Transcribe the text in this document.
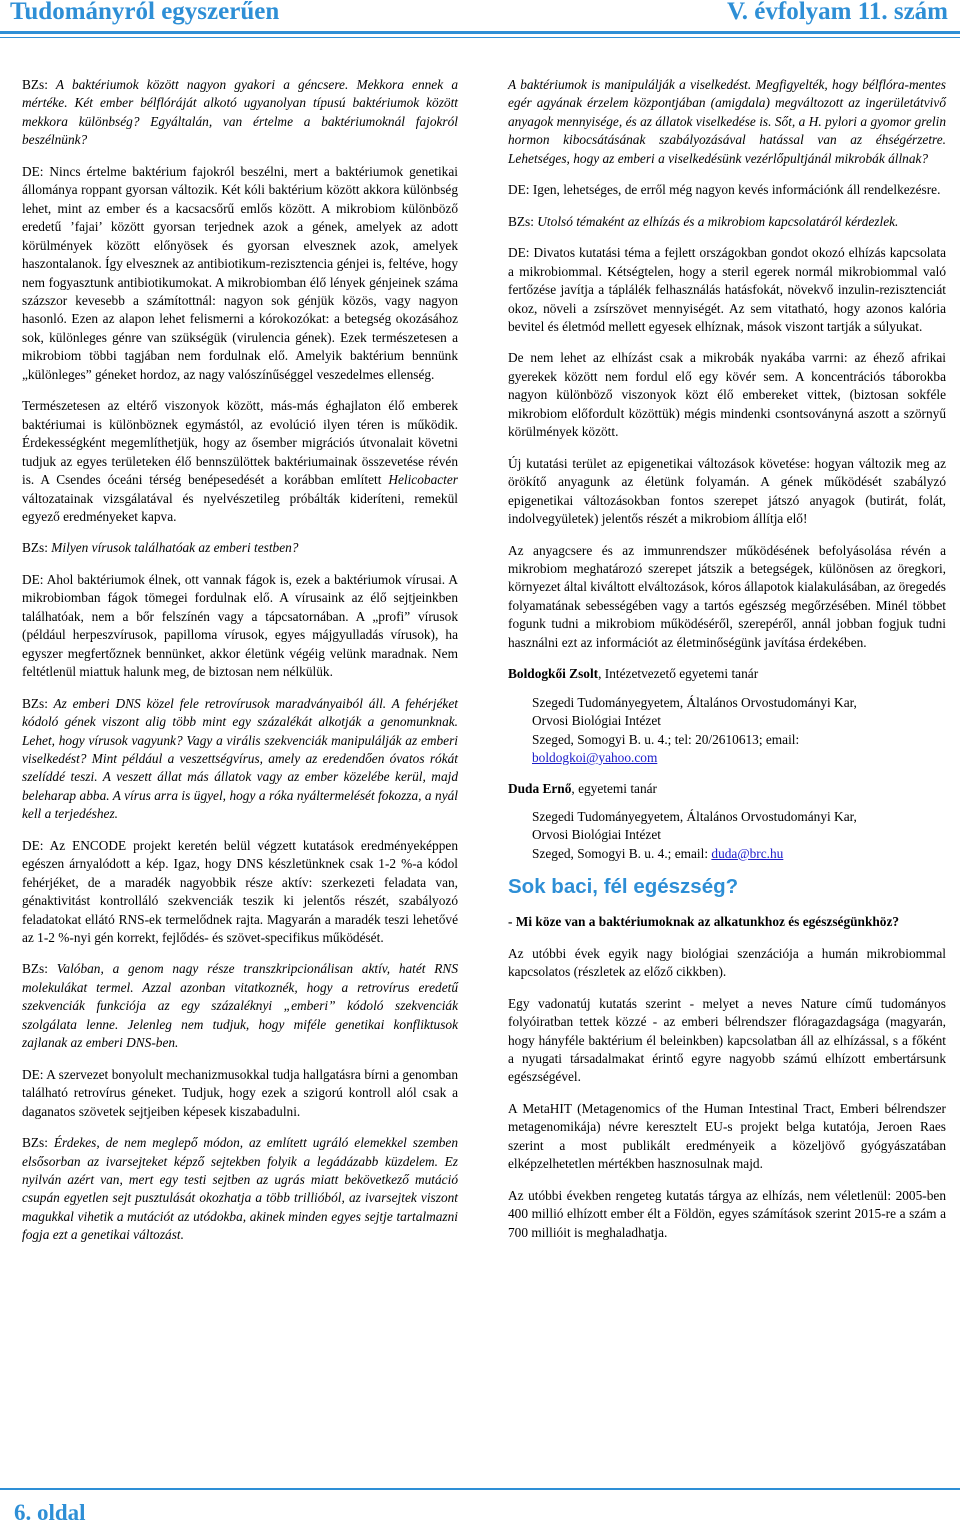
Tudományról egyszerűen	V. évfolyam 11. szám

BZs: A baktériumok között nagyon gyakori a géncsere. Mekkora ennek a mértéke. Két ember bélflóráját alkotó ugyanolyan típusú baktériumok között mekkora különbség? Egyáltalán, van értelme a baktériumoknál fajokról beszélnünk?

DE: Nincs értelme baktérium fajokról beszélni, mert a baktériumok genetikai állománya roppant gyorsan változik. Két kóli baktérium között akkora különbség lehet, mint az ember és a kacsacsőrű emlős között. A mikrobiom különböző eredetű ’fajai’ között gyorsan terjednek azok a gének, amelyek az adott körülmények között előnyösek és gyorsan elvesznek azok, amelyek haszontalanok. Így elvesznek az antibiotikum-rezisztencia génjei is, feltéve, hogy nem fogyasztunk antibiotikumokat. A mikrobiomban élő lények génjeinek száma százszor kevesebb a számítottnál: nagyon sok génjük közös, vagy nagyon hasonló. Ezen az alapon lehet felismerni a kórokozókat: a betegség okozásához sok, különleges génre van szükségük (virulencia gének). Ezek természetesen a mikrobiom többi tagjában nem fordulnak elő. Amelyik baktérium bennünk „különleges” géneket hordoz, az nagy valószínűséggel veszedelmes ellenség.

Természetesen az eltérő viszonyok között, más-más éghajlaton élő emberek baktériumai is különböznek egymástól, az evolúció ilyen téren is működik. Érdekességként megemlíthetjük, hogy az ősember migrációs útvonalait követni tudjuk az egyes területeken élő bennszülöttek baktériumainak összevetése révén is. A Csendes óceáni térség benépesedését a korábban említett Helicobacter változatainak vizsgálatával és nyelvészetileg próbálták kideríteni, remekül egyező eredményeket kapva.

BZs: Milyen vírusok találhatóak az emberi testben?

DE: Ahol baktériumok élnek, ott vannak fágok is, ezek a baktériumok vírusai. A mikrobiomban fágok tömegei fordulnak elő. A vírusaink az élő sejtjeinkben találhatóak, nem a bőr felszínén vagy a tápcsatornában. A „profi” vírusok (például herpeszvírusok, papilloma vírusok, egyes májgyulladás vírusok), ha egyszer megfertőznek bennünket, akkor életünk végéig velünk maradnak. Nem feltétlenül miattuk halunk meg, de biztosan nem nélkülük.

BZs: Az emberi DNS közel fele retrovírusok maradványaiból áll. A fehérjéket kódoló gének viszont alig több mint egy százalékát alkotják a genomunknak. Lehet, hogy vírusok vagyunk? Vagy a virális szekvenciák manipulálják az emberi viselkedést? Mint például a veszettségvírus, amely az eredendően óvatos rókát szelíddé teszi. A veszett állat más állatok vagy az ember közelébe kerül, majd beleharap abba. A vírus arra is ügyel, hogy a róka nyáltermelését fokozza, a nyál kell a terjedéshez.

DE: Az ENCODE projekt keretén belül végzett kutatások eredményeképpen egészen árnyalódott a kép. Igaz, hogy DNS készletünknek csak 1-2 %-a kódol fehérjéket, de a maradék nagyobbik része aktív: szerkezeti feladata van, génaktivitást kontrolláló szekvenciák teszik ki jelentős részét, szabályozó feladatokat ellátó RNS-ek termelődnek rajta. Magyarán a maradék teszi lehetővé az 1-2 %-nyi gén korrekt, fejlődés- és szövet-specifikus működését.

BZs: Valóban, a genom nagy része transzkripcionálisan aktív, hatét RNS molekulákat termel. Azzal azonban vitatkoznék, hogy a retrovírus eredetű szekvenciák funkciója az egy százaléknyi „emberi” kódoló szekvenciák szolgálata lenne. Jelenleg nem tudjuk, hogy miféle genetikai konfliktusok zajlanak az emberi DNS-ben.

DE: A szervezet bonyolult mechanizmusokkal tudja hallgatásra bírni a genomban található retrovírus géneket. Tudjuk, hogy ezek a szigorú kontroll alól csak a daganatos szövetek sejtjeiben képesek kiszabadulni.

BZs: Érdekes, de nem meglepő módon, az említett ugráló elemekkel szemben elsősorban az ivarsejteket képző sejtekben folyik a legádázabb küzdelem. Ez nyilván azért van, mert egy testi sejtben az ugrás miatt bekövetkező mutáció csupán egyetlen sejt pusztulását okozhatja a több trillióból, az ivarsejtek viszont magukkal vihetik a mutációt az utódokba, akinek minden egyes sejtje tartalmazni fogja ezt a genetikai változást.

A baktériumok is manipulálják a viselkedést. Megfigyelték, hogy bélflóra-mentes egér agyának érzelem központjában (amigdala) megváltozott az ingerületátvivő anyagok mennyisége, és az állatok viselkedése is. Sőt, a H. pylori a gyomor grelin hormon kibocsátásának szabályozásával hatással van az éhségérzetre. Lehetséges, hogy az emberi a viselkedésünk vezérlőpultjánál mikrobák állnak?

DE: Igen, lehetséges, de erről még nagyon kevés információnk áll rendelkezésre.

BZs: Utolsó témaként az elhízás és a mikrobiom kapcsolatáról kérdezlek.

DE: Divatos kutatási téma a fejlett országokban gondot okozó elhízás kapcsolata a mikrobiommal. Kétségtelen, hogy a steril egerek normál mikrobiommal való fertőzése javítja a táplálék felhasználás hatásfokát, növekvő inzulin-rezisztenciát okoz, növeli a zsírszövet mennyiségét. Az sem vitatható, hogy azonos kalória bevitel és életmód mellett egyesek elhíznak, mások viszont tartják a súlyukat.

De nem lehet az elhízást csak a mikrobák nyakába varrni: az éhező afrikai gyerekek között nem fordul elő egy kövér sem. A koncentrációs táborokba nagyon különböző viszonyok közt élő embereket vittek, (biztosan sokféle mikrobiom előfordult közöttük) mégis mindenki csontsoványná aszott a szörnyű körülmények között.

Új kutatási terület az epigenetikai változások követése: hogyan változik meg az örökítő anyagunk az életünk folyamán. A gének működését szabályzó epigenetikai változásokban fontos szerepet játszó anyagok (butirát, folát, indolvegyületek) jelentős részét a mikrobiom állítja elő!

Az anyagcsere és az immunrendszer működésének befolyásolása révén a mikrobiom meghatározó szerepet játszik a betegségek, különösen az öregkori, környezet által kiváltott elváltozások, kóros állapotok kialakulásában, az öregedés folyamatának sebességében vagy a tartós egészség megőrzésében. Minél többet fogunk tudni a mikrobiom működéséről, szerepéről, annál jobban fogjuk tudni használni ezt az információt az életminőségünk javítása érdekében.

Boldogkői Zsolt, Intézetvezető egyetemi tanár

Szegedi Tudományegyetem, Általános Orvostudományi Kar,
Orvosi Biológiai Intézet
Szeged, Somogyi B. u. 4.; tel: 20/2610613; email:
boldogkoi@yahoo.com

Duda Ernő, egyetemi tanár

Szegedi Tudományegyetem, Általános Orvostudományi Kar,
Orvosi Biológiai Intézet
Szeged, Somogyi B. u. 4.; email: duda@brc.hu
Sok baci, fél egészség?

- Mi köze van a baktériumoknak az alkatunkhoz és egészségünkhöz?

Az utóbbi évek egyik nagy biológiai szenzációja a humán mikrobiommal kapcsolatos (részletek az előző cikkben).

Egy vadonatúj kutatás szerint - melyet a neves Nature című tudományos folyóiratban tettek közzé - az emberi bélrendszer flóragazdagsága (magyarán, hogy hányféle baktérium él beleinkben) kapcsolatban áll az elhízással, s a főként a nyugati társadalmakat érintő egyre nagyobb számú elhízott embertársunk egészségével.

A MetaHIT (Metagenomics of the Human Intestinal Tract, Emberi bélrendszer metagenomikája) névre keresztelt EU-s projekt belga kutatója, Jeroen Raes szerint a most publikált eredményeik a közeljövő gyógyászatában elképzelhetetlen mértékben hasznosulnak majd.

Az utóbbi években rengeteg kutatás tárgya az elhízás, nem véletlenül: 2005-ben 400 millió elhízott ember élt a Földön, egyes számítások szerint 2015-re a szám a 700 millióit is meghaladhatja.

6. oldal
